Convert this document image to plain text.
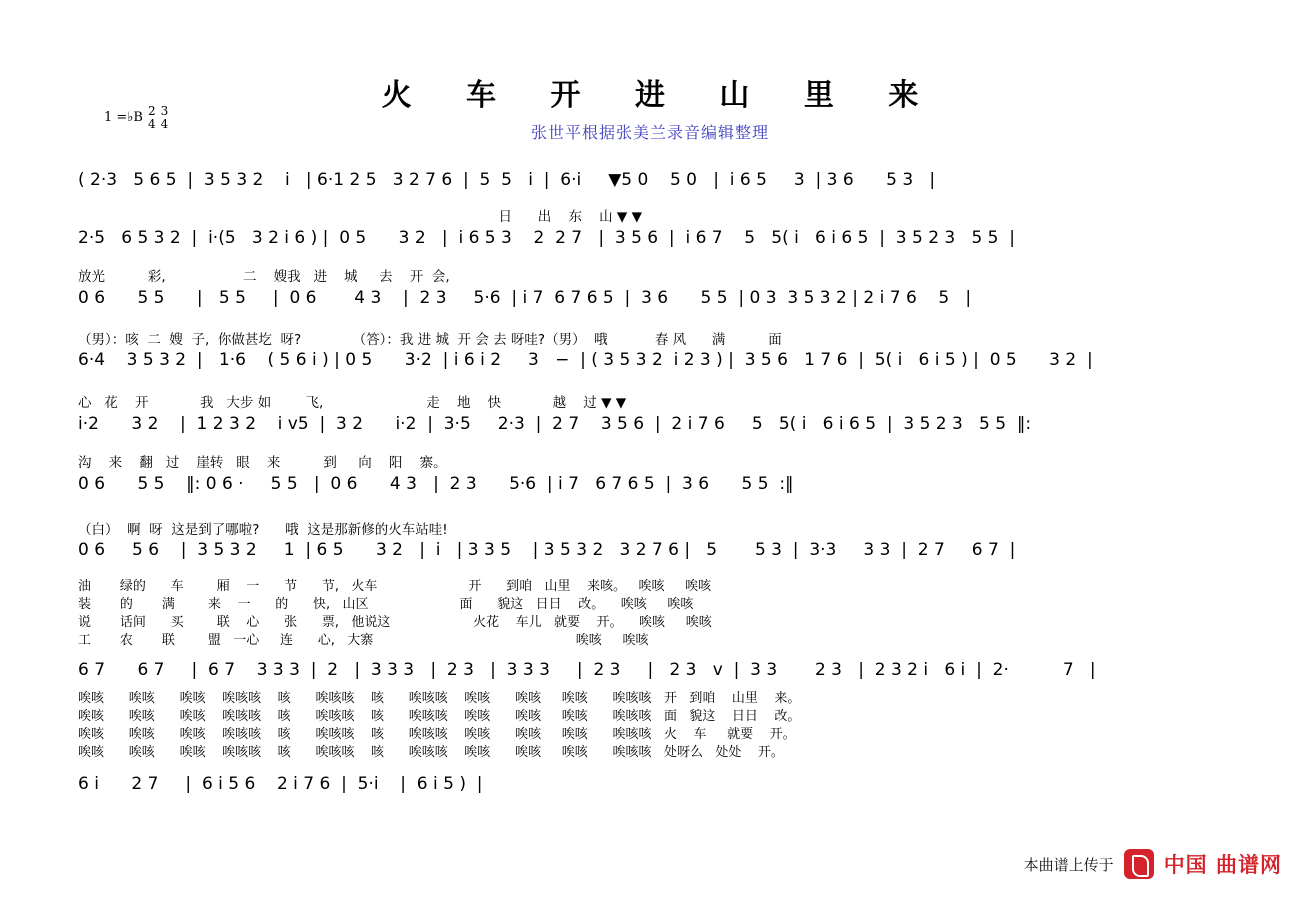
火 车 开 进 山 里 来
张世平根据张美兰录音编辑整理
1 =♭B 2
4
3
4
( 2·3   5 6 5  |  3 5 3 2    i   | 6·1 2 5   3 2 7 6  |  5  5   i  |  6·i     ▼5 0    5 0   |  i 6 5     3  | 3 6      5 3   |
日      出    东    山 ▼ ▼
2·5   6 5 3 2  |  i·(5   3 2 i 6 ) |  0 5      3 2   |  i 6 5 3    2  2 7   |  3 5 6  |  i 6 7    5   5( i   6 i 6 5  |  3 5 2 3   5 5  |
放光          彩,                  二    嫂我   进    城     去    开  会,
0 6      5 5      |   5 5     |  0 6       4 3    |  2 3     5·6  | i 7  6 7 6 5  |  3 6      5 5  | 0 3  3 5 3 2 | 2 i 7 6    5   |
（男）：咳  二  嫂  子,  你做甚圪  呀?            （答）：我 进 城  开 会 去 呀哇?（男）  哦           春 风      满          面
6·4    3 5 3 2  |   1·6    ( 5 6 i ) | 0 5      3·2  | i 6 i 2     3   −  | ( 3 5 3 2  i 2 3 ) |  3 5 6   1 7 6  |  5( i   6 i 5 ) |  0 5      3 2  |
心   花    开            我   大步 如        飞,                        走    地    快            越    过 ▼ ▼
i·2      3 2    |  1 2 3 2    i ⅴ5  |  3 2      i·2  |  3·5     2·3  |  2 7    3 5 6  |  2 i 7 6     5   5( i   6 i 6 5  |  3 5 2 3   5 5  ‖:
沟    来    翻   过    崖转   眼    来          到     向    阳    寨。
0 6      5 5    ‖: 0 6 ·     5 5   |  0 6      4 3   |  2 3      5·6  | i 7   6 7 6 5  |  3 6      5 5  :‖
（白）  啊  呀  这是到了哪啦?      哦  这是那新修的火车站哇!
0 6     5 6    |  3 5 3 2     1  | 6 5      3 2   |  i   | 3 3 5    | 3 5 3 2   3 2 7 6 |   5       5 3  |  3·3     3 3  |  2 7     6 7  |
油       绿的      车        厢    一      节      节,   火车                      开      到咱   山里    来咳。   唉咳     唉咳
装       的       满        来    一      的      快,   山区                      面      貌这   日日    改。    唉咳     唉咳
说       话间      买        联    心      张      票,   他说这                    火花    车儿   就要    开。    唉咳     唉咳
工       农       联        盟   一心     连      心,   大寨                                                 唉咳     唉咳
6 7      6 7     |  6 7    3 3 3  |  2   |  3 3 3   |  2 3   |  3 3 3     |  2 3     |   2 3   ⅴ  |  3 3       2 3   |  2 3 2 i   6 i  |  2·          7   |
唉咳      唉咳      唉咳    唉咳咳    咳      唉咳咳    咳      唉咳咳    唉咳      唉咳     唉咳      唉咳咳   开   到咱    山里    来。
唉咳      唉咳      唉咳    唉咳咳    咳      唉咳咳    咳      唉咳咳    唉咳      唉咳     唉咳      唉咳咳   面   貌这    日日    改。
唉咳      唉咳      唉咳    唉咳咳    咳      唉咳咳    咳      唉咳咳    唉咳      唉咳     唉咳      唉咳咳   火    车     就要    开。
唉咳      唉咳      唉咳    唉咳咳    咳      唉咳咳    咳      唉咳咳    唉咳      唉咳     唉咳      唉咳咳   处呀么   处处    开。
6 i      2 7     |  6 i 5 6    2 i 7 6  |  5·i    |  6 i 5 )  |
本曲谱上传于 中国 曲谱网
